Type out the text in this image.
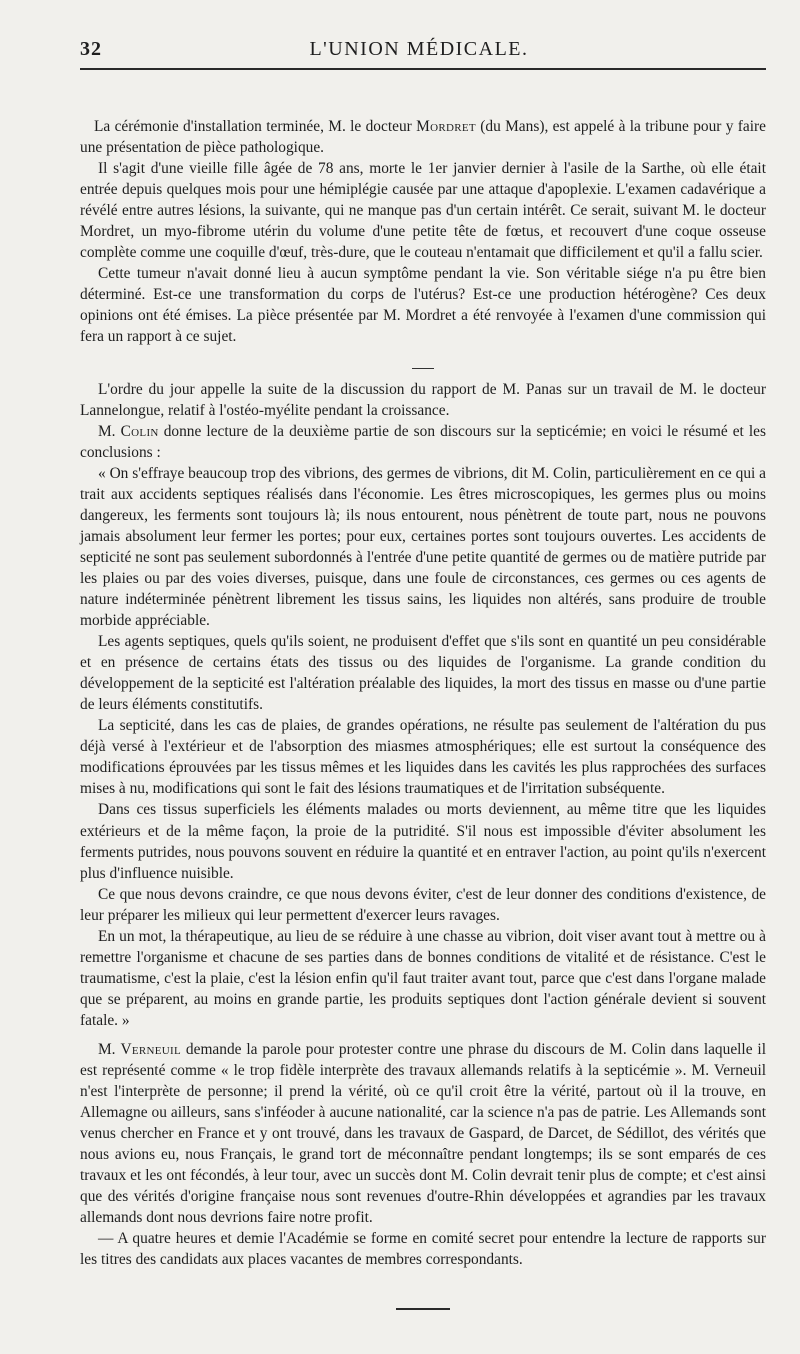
32	L'UNION MÉDICALE.

La cérémonie d'installation terminée, M. le docteur Mordret (du Mans), est appelé à la tribune pour y faire une présentation de pièce pathologique.

Il s'agit d'une vieille fille âgée de 78 ans, morte le 1er janvier dernier à l'asile de la Sarthe, où elle était entrée depuis quelques mois pour une hémiplégie causée par une attaque d'apoplexie. L'examen cadavérique a révélé entre autres lésions, la suivante, qui ne manque pas d'un certain intérêt. Ce serait, suivant M. le docteur Mordret, un myo-fibrome utérin du volume d'une petite tête de fœtus, et recouvert d'une coque osseuse complète comme une coquille d'œuf, très-dure, que le couteau n'entamait que difficilement et qu'il a fallu scier.

Cette tumeur n'avait donné lieu à aucun symptôme pendant la vie. Son véritable siége n'a pu être bien déterminé. Est-ce une transformation du corps de l'utérus? Est-ce une production hétérogène? Ces deux opinions ont été émises. La pièce présentée par M. Mordret a été renvoyée à l'examen d'une commission qui fera un rapport à ce sujet.

L'ordre du jour appelle la suite de la discussion du rapport de M. Panas sur un travail de M. le docteur Lannelongue, relatif à l'ostéo-myélite pendant la croissance.

M. Colin donne lecture de la deuxième partie de son discours sur la septicémie; en voici le résumé et les conclusions :

« On s'effraye beaucoup trop des vibrions, des germes de vibrions, dit M. Colin, particulièrement en ce qui a trait aux accidents septiques réalisés dans l'économie. Les êtres microscopiques, les germes plus ou moins dangereux, les ferments sont toujours là; ils nous entourent, nous pénètrent de toute part, nous ne pouvons jamais absolument leur fermer les portes; pour eux, certaines portes sont toujours ouvertes. Les accidents de septicité ne sont pas seulement subordonnés à l'entrée d'une petite quantité de germes ou de matière putride par les plaies ou par des voies diverses, puisque, dans une foule de circonstances, ces germes ou ces agents de nature indéterminée pénètrent librement les tissus sains, les liquides non altérés, sans produire de trouble morbide appréciable.

Les agents septiques, quels qu'ils soient, ne produisent d'effet que s'ils sont en quantité un peu considérable et en présence de certains états des tissus ou des liquides de l'organisme. La grande condition du développement de la septicité est l'altération préalable des liquides, la mort des tissus en masse ou d'une partie de leurs éléments constitutifs.

La septicité, dans les cas de plaies, de grandes opérations, ne résulte pas seulement de l'altération du pus déjà versé à l'extérieur et de l'absorption des miasmes atmosphériques; elle est surtout la conséquence des modifications éprouvées par les tissus mêmes et les liquides dans les cavités les plus rapprochées des surfaces mises à nu, modifications qui sont le fait des lésions traumatiques et de l'irritation subséquente.

Dans ces tissus superficiels les éléments malades ou morts deviennent, au même titre que les liquides extérieurs et de la même façon, la proie de la putridité. S'il nous est impossible d'éviter absolument les ferments putrides, nous pouvons souvent en réduire la quantité et en entraver l'action, au point qu'ils n'exercent plus d'influence nuisible.

Ce que nous devons craindre, ce que nous devons éviter, c'est de leur donner des conditions d'existence, de leur préparer les milieux qui leur permettent d'exercer leurs ravages.

En un mot, la thérapeutique, au lieu de se réduire à une chasse au vibrion, doit viser avant tout à mettre ou à remettre l'organisme et chacune de ses parties dans de bonnes conditions de vitalité et de résistance. C'est le traumatisme, c'est la plaie, c'est la lésion enfin qu'il faut traiter avant tout, parce que c'est dans l'organe malade que se préparent, au moins en grande partie, les produits septiques dont l'action générale devient si souvent fatale. »

M. Verneuil demande la parole pour protester contre une phrase du discours de M. Colin dans laquelle il est représenté comme « le trop fidèle interprète des travaux allemands relatifs à la septicémie ». M. Verneuil n'est l'interprète de personne; il prend la vérité, où ce qu'il croit être la vérité, partout où il la trouve, en Allemagne ou ailleurs, sans s'inféoder à aucune nationalité, car la science n'a pas de patrie. Les Allemands sont venus chercher en France et y ont trouvé, dans les travaux de Gaspard, de Darcet, de Sédillot, des vérités que nous avions eu, nous Français, le grand tort de méconnaître pendant longtemps; ils se sont emparés de ces travaux et les ont fécondés, à leur tour, avec un succès dont M. Colin devrait tenir plus de compte; et c'est ainsi que des vérités d'origine française nous sont revenues d'outre-Rhin développées et agrandies par les travaux allemands dont nous devrions faire notre profit.

— A quatre heures et demie l'Académie se forme en comité secret pour entendre la lecture de rapports sur les titres des candidats aux places vacantes de membres correspondants.
